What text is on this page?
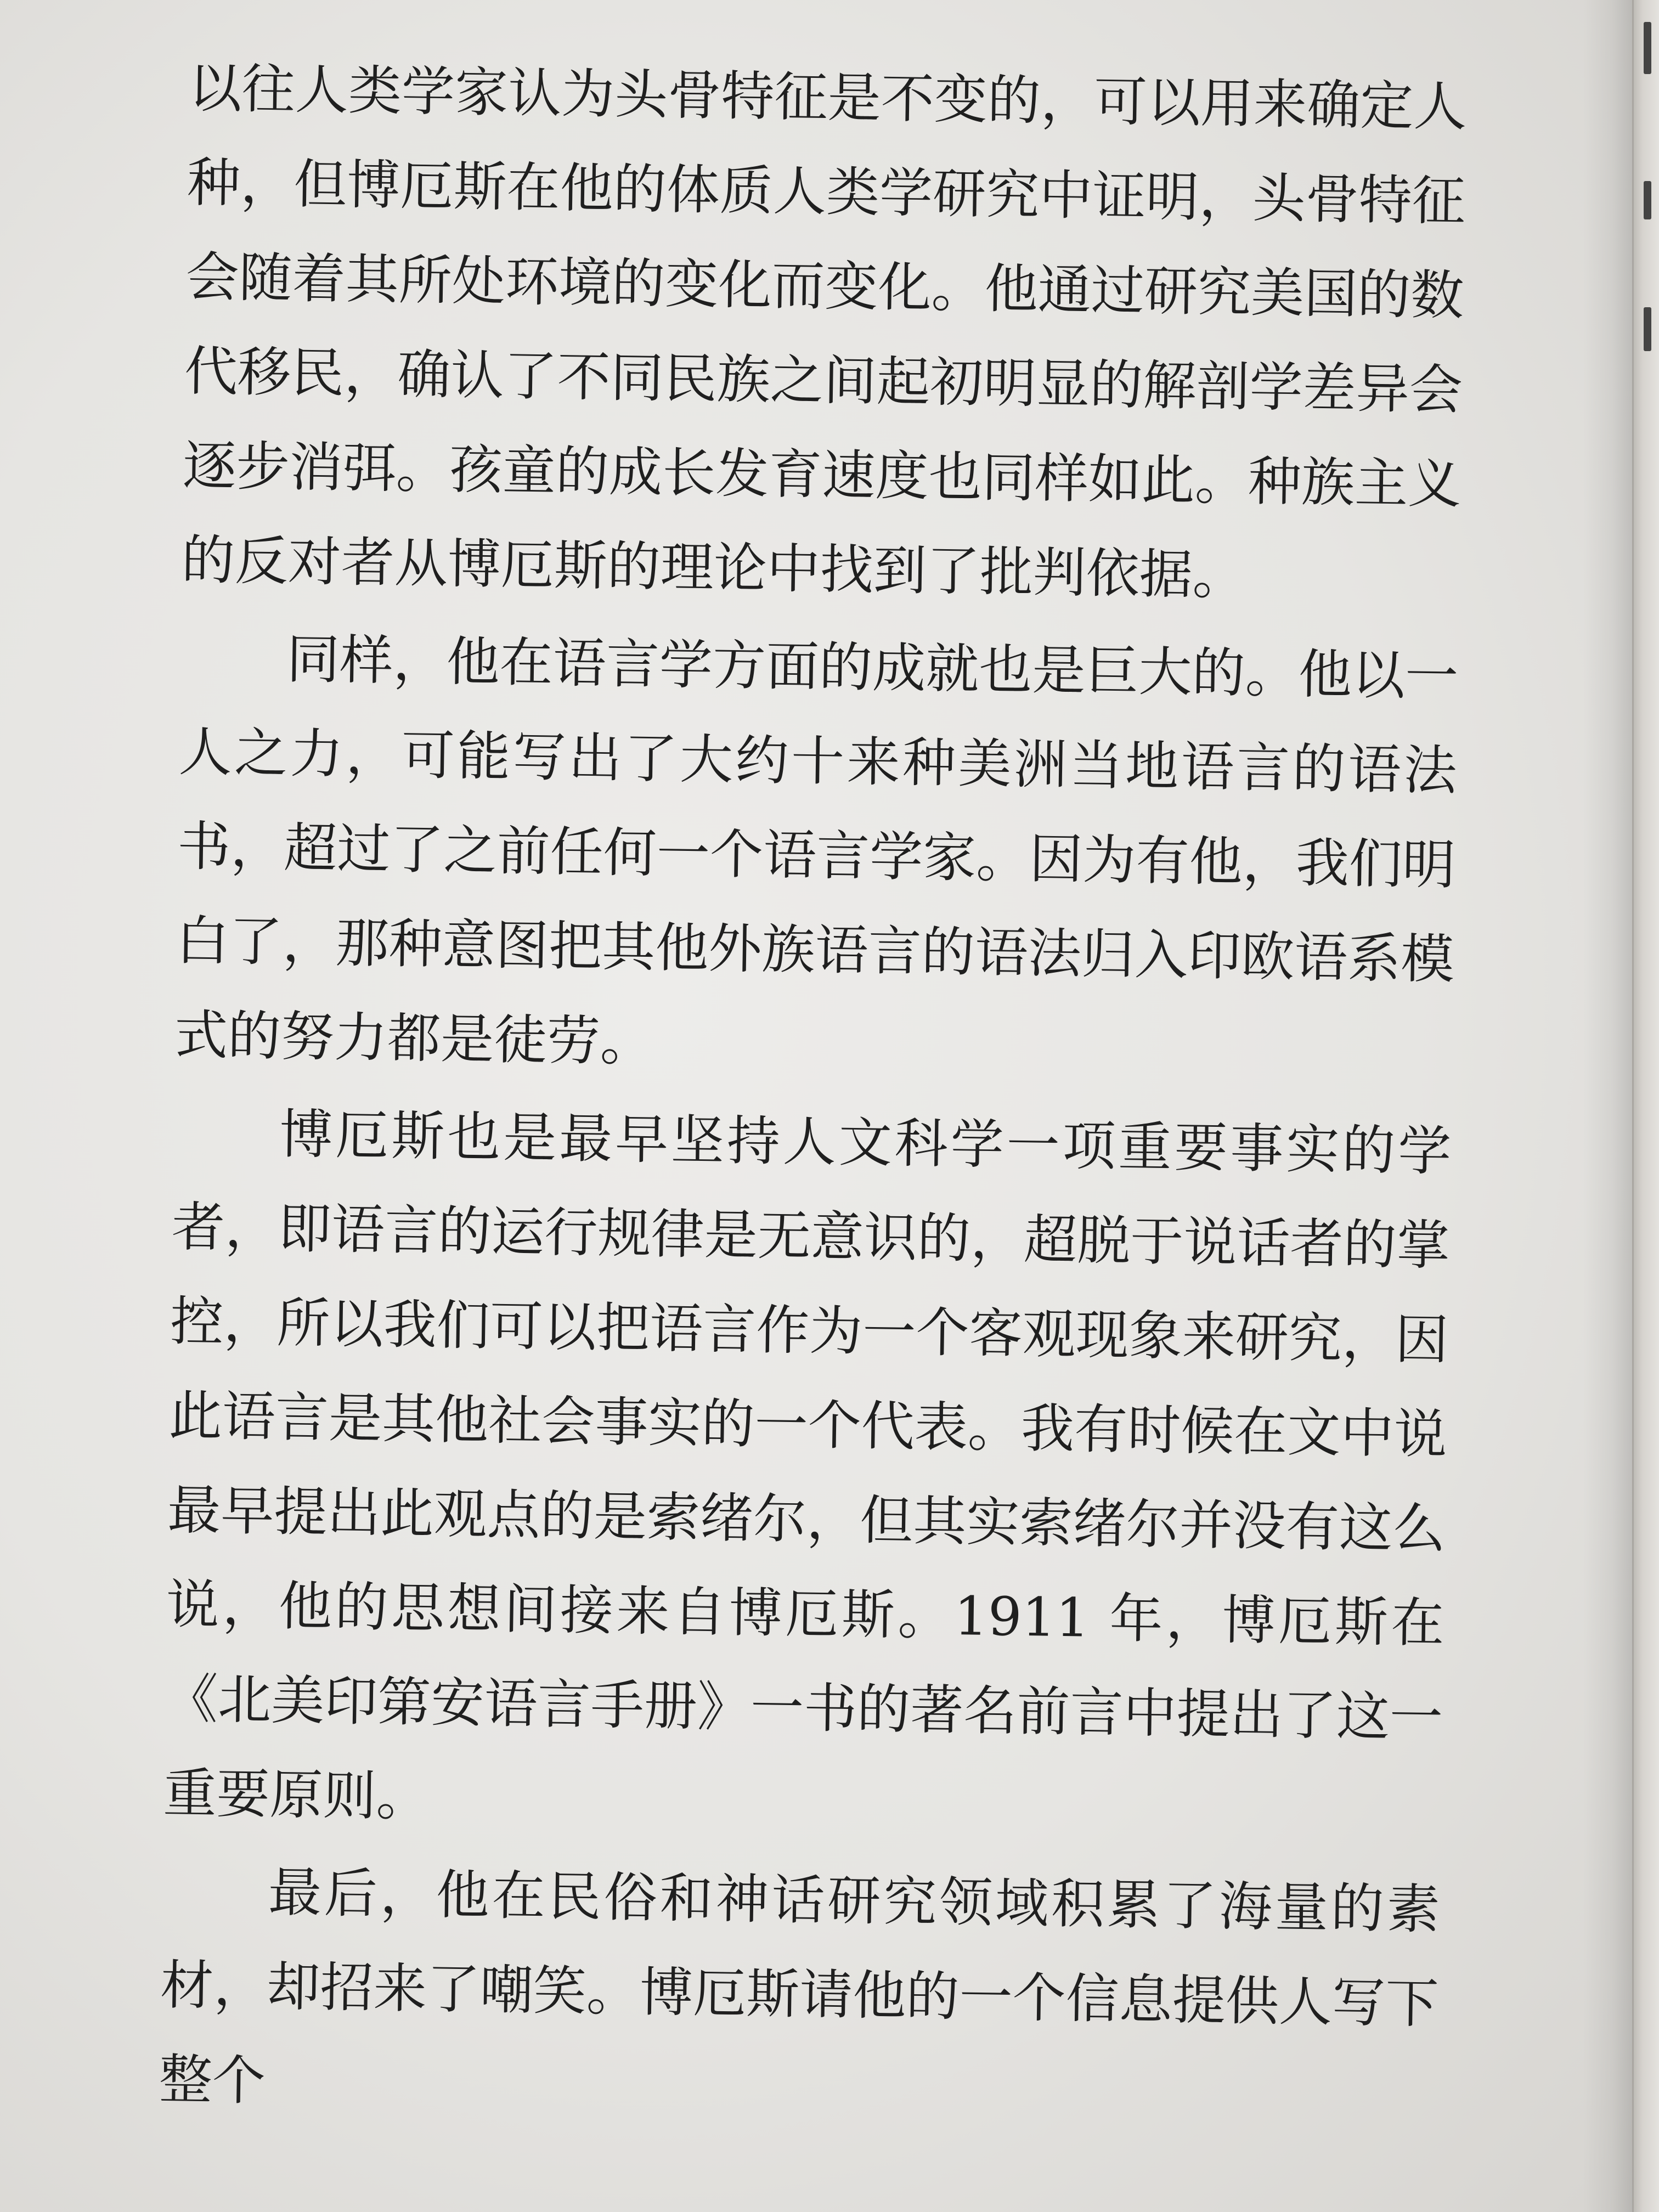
以往人类学家认为头骨特征是不变的，可以用来确定人种，但博厄斯在他的体质人类学研究中证明，头骨特征会随着其所处环境的变化而变化。他通过研究美国的数代移民，确认了不同民族之间起初明显的解剖学差异会逐步消弭。孩童的成长发育速度也同样如此。种族主义的反对者从博厄斯的理论中找到了批判依据。

同样，他在语言学方面的成就也是巨大的。他以一人之力，可能写出了大约十来种美洲当地语言的语法书，超过了之前任何一个语言学家。因为有他，我们明白了，那种意图把其他外族语言的语法归入印欧语系模式的努力都是徒劳。

博厄斯也是最早坚持人文科学一项重要事实的学者，即语言的运行规律是无意识的，超脱于说话者的掌控，所以我们可以把语言作为一个客观现象来研究，因此语言是其他社会事实的一个代表。我有时候在文中说最早提出此观点的是索绪尔，但其实索绪尔并没有这么说，他的思想间接来自博厄斯。1911 年，博厄斯在《北美印第安语言手册》一书的著名前言中提出了这一重要原则。

最后，他在民俗和神话研究领域积累了海量的素材，却招来了嘲笑。博厄斯请他的一个信息提供人写下整个
